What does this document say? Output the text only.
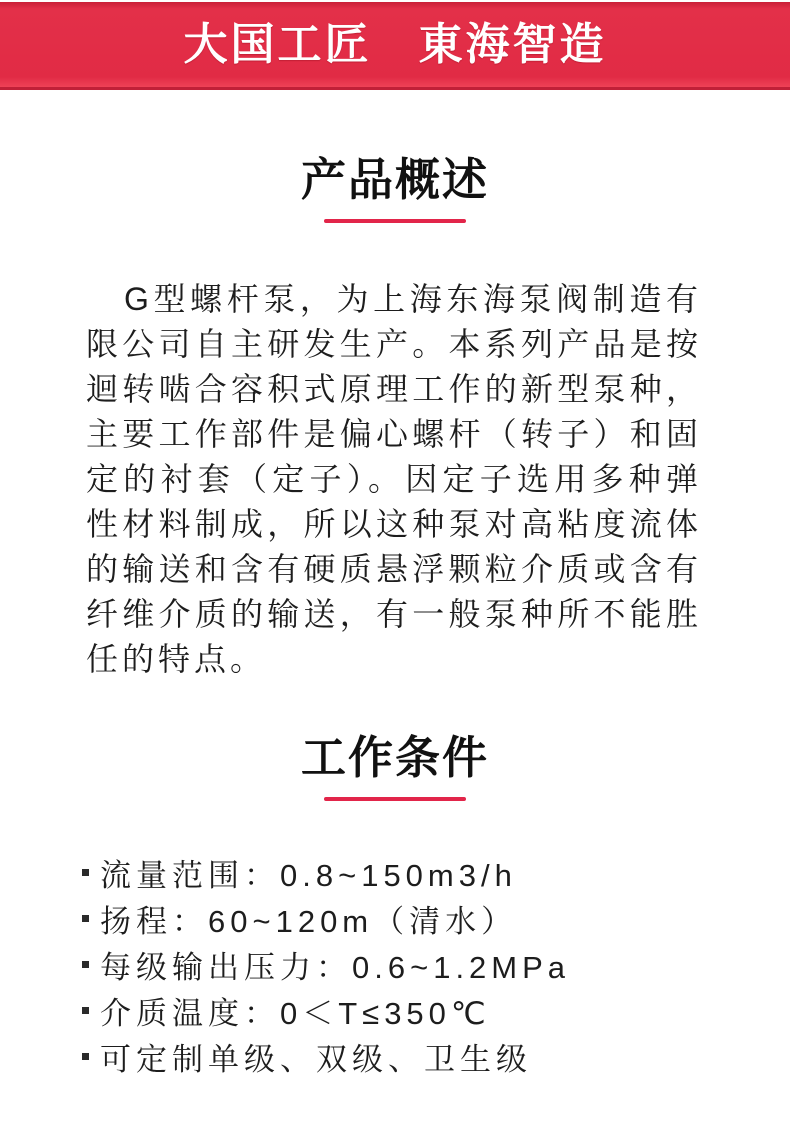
大国工匠　東海智造
产品概述

G型螺杆泵，为上海东海泵阀制造有限公司自主研发生产。本系列产品是按迴转啮合容积式原理工作的新型泵种，主要工作部件是偏心螺杆（转子）和固定的衬套（定子）。因定子选用多种弹性材料制成，所以这种泵对高粘度流体的输送和含有硬质悬浮颗粒介质或含有纤维介质的输送，有一般泵种所不能胜任的特点。

工作条件
流量范围：0.8~150m3/h
扬程：60~120m（清水）
每级输出压力：0.6~1.2MPa
介质温度：0＜T≤350℃
可定制单级、双级、卫生级
